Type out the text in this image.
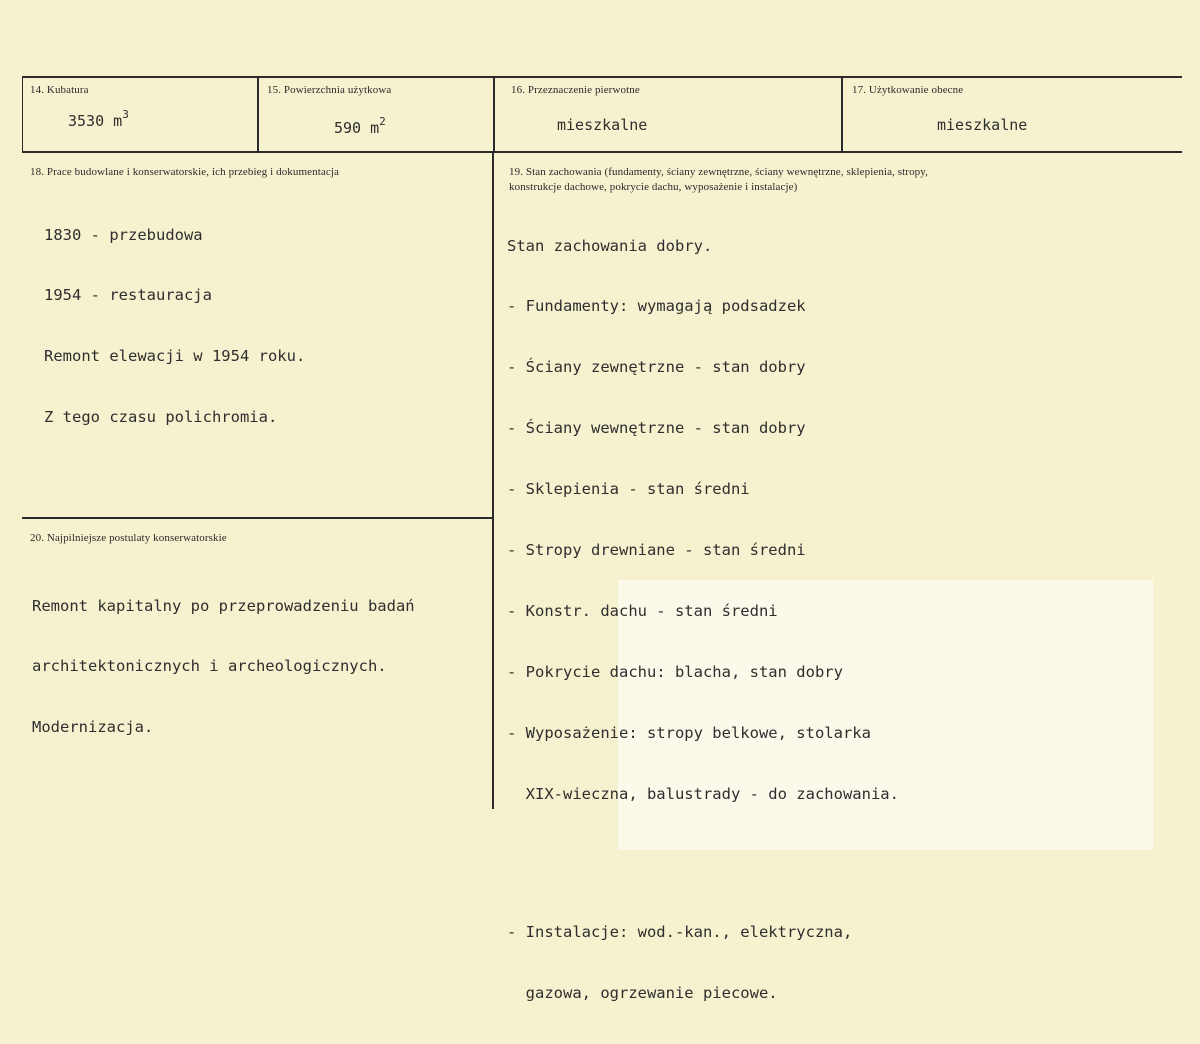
14. Kubatura
3530 $m^3$
15. Powierzchnia użytkowa
590 $m^2$
16. Przeznaczenie pierwotne
mieszkalne
17. Użytkowanie obecne
mieszkalne
18. Prace budowlane i konserwatorskie, ich przebieg i dokumentacja

1830 - przebudowa

1954 - restauracja

Remont elewacji w 1954 roku.

Z tego czasu polichromia.

19. Stan zachowania (fundamenty, ściany zewnętrzne, ściany wewnętrzne, sklepienia, stropy,
konstrukcje dachowe, pokrycie dachu, wyposażenie i instalacje)

Stan zachowania dobry.

- Fundamenty: wymagają podsadzek

- Ściany zewnętrzne - stan dobry

- Ściany wewnętrzne - stan dobry

- Sklepienia - stan średni

- Stropy drewniane - stan średni

- Konstr. dachu - stan średni

- Pokrycie dachu: blacha, stan dobry

- Wyposażenie: stropy belkowe, stolarka

XIX-wieczna, balustrady - do zachowania.

- Instalacje: wod.-kan., elektryczna,

gazowa, ogrzewanie piecowe.

20. Najpilniejsze postulaty konserwatorskie

Remont kapitalny po przeprowadzeniu badań

architektonicznych i archeologicznych.

Modernizacja.
